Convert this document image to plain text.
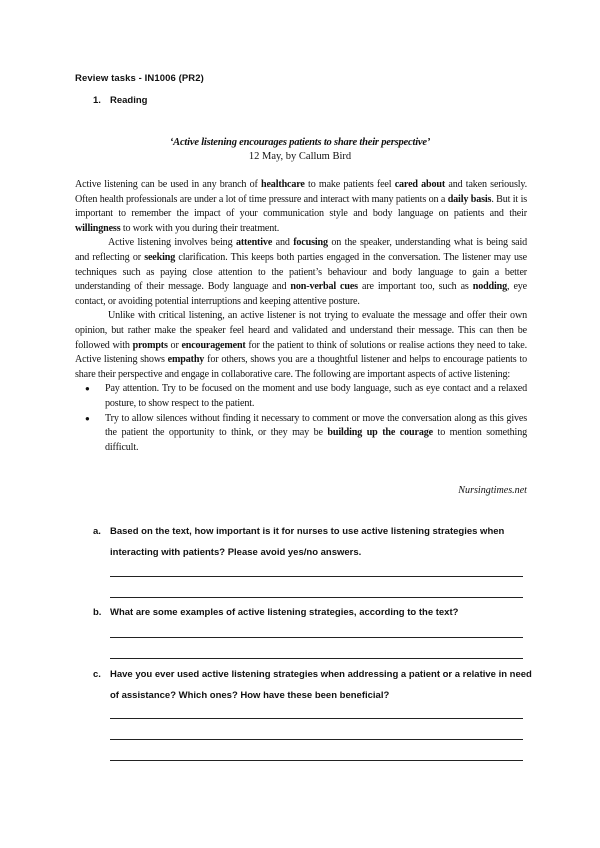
Review tasks - IN1006 (PR2)
1. Reading
‘Active listening encourages patients to share their perspective’
12 May, by Callum Bird

Active listening can be used in any branch of healthcare to make patients feel cared about and taken seriously. Often health professionals are under a lot of time pressure and interact with many patients on a daily basis. But it is important to remember the impact of your communication style and body language on patients and their willingness to work with you during their treatment.

Active listening involves being attentive and focusing on the speaker, understanding what is being said and reflecting or seeking clarification. This keeps both parties engaged in the conversation. The listener may use techniques such as paying close attention to the patient’s behaviour and body language to gain a better understanding of their message. Body language and non-verbal cues are important too, such as nodding, eye contact, or avoiding potential interruptions and keeping attentive posture.

Unlike with critical listening, an active listener is not trying to evaluate the message and offer their own opinion, but rather make the speaker feel heard and validated and understand their message. This can then be followed with prompts or encouragement for the patient to think of solutions or realise actions they need to take. Active listening shows empathy for others, shows you are a thoughtful listener and helps to encourage patients to share their perspective and engage in collaborative care. The following are important aspects of active listening:

● Pay attention. Try to be focused on the moment and use body language, such as eye contact and a relaxed posture, to show respect to the patient.
● Try to allow silences without finding it necessary to comment or move the conversation along as this gives the patient the opportunity to think, or they may be building up the courage to mention something difficult.
Nursingtimes.net
a. Based on the text, how important is it for nurses to use active listening strategies when interacting with patients? Please avoid yes/no answers.
b. What are some examples of active listening strategies, according to the text?
c. Have you ever used active listening strategies when addressing a patient or a relative in need of assistance? Which ones? How have these been beneficial?
